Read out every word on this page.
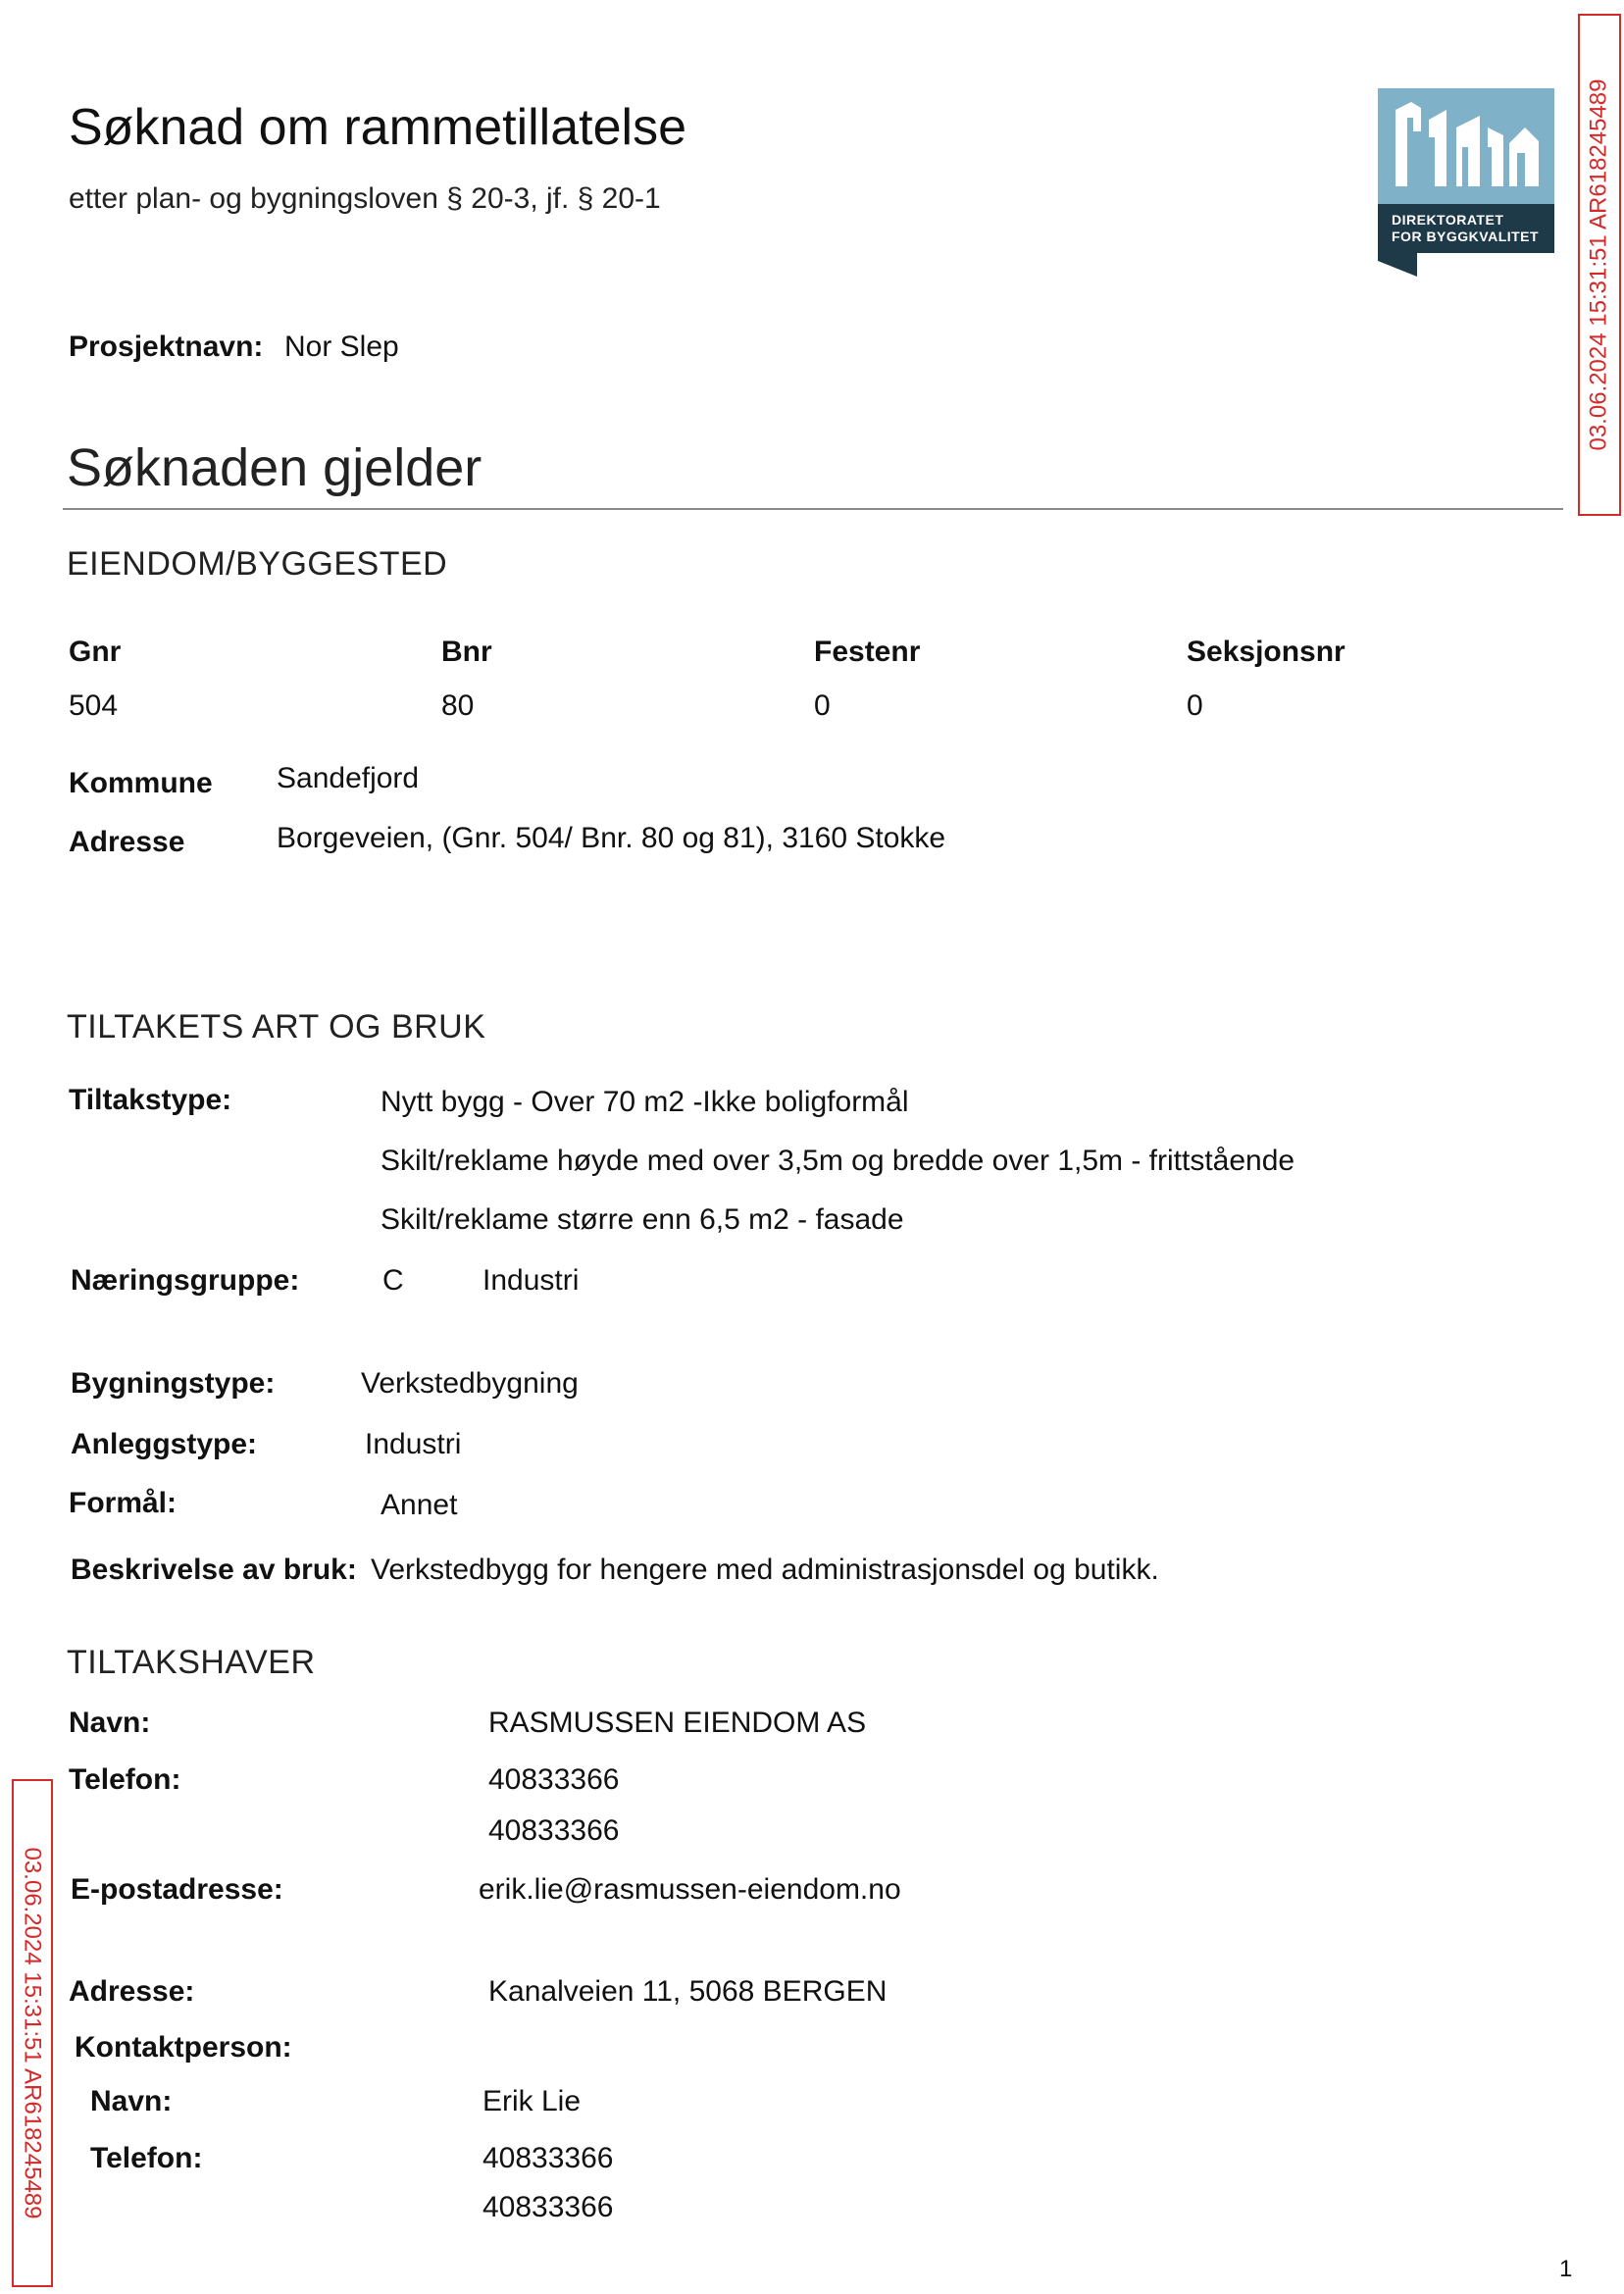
Søknad om rammetillatelse
etter plan- og bygningsloven § 20-3, jf. § 20-1
DIREKTORATET
FOR BYGGKVALITET 03.06.2024 15:31:51 AR618245489
03.06.2024 15:31:51 AR618245489
Prosjektnavn: Nor Slep
Søknaden gjelder
EIENDOM/BYGGESTED
Gnr	Bnr	Festenr	Seksjonsnr
504	80	0	0
Kommune Sandefjord
Adresse	Borgeveien, (Gnr. 504/ Bnr. 80 og 81), 3160 Stokke
TILTAKETS ART OG BRUK
Tiltakstype:	Nytt bygg - Over 70 m2 -Ikke boligformål
Skilt/reklame høyde med over 3,5m og bredde over 1,5m - frittstående
Skilt/reklame større enn 6,5 m2 - fasade
Næringsgruppe:	C	Industri
Bygningstype:	Verkstedbygning
Anleggstype:	Industri
Formål:	Annet
Beskrivelse av bruk: Verkstedbygg for hengere med administrasjonsdel og butikk.
TILTAKSHAVER
Navn:	RASMUSSEN EIENDOM AS
Telefon:	40833366
40833366
E-postadresse:	erik.lie@rasmussen-eiendom.no
Adresse:	Kanalveien 11, 5068 BERGEN
Kontaktperson:
Navn:	Erik Lie
Telefon:	40833366
40833366
1
